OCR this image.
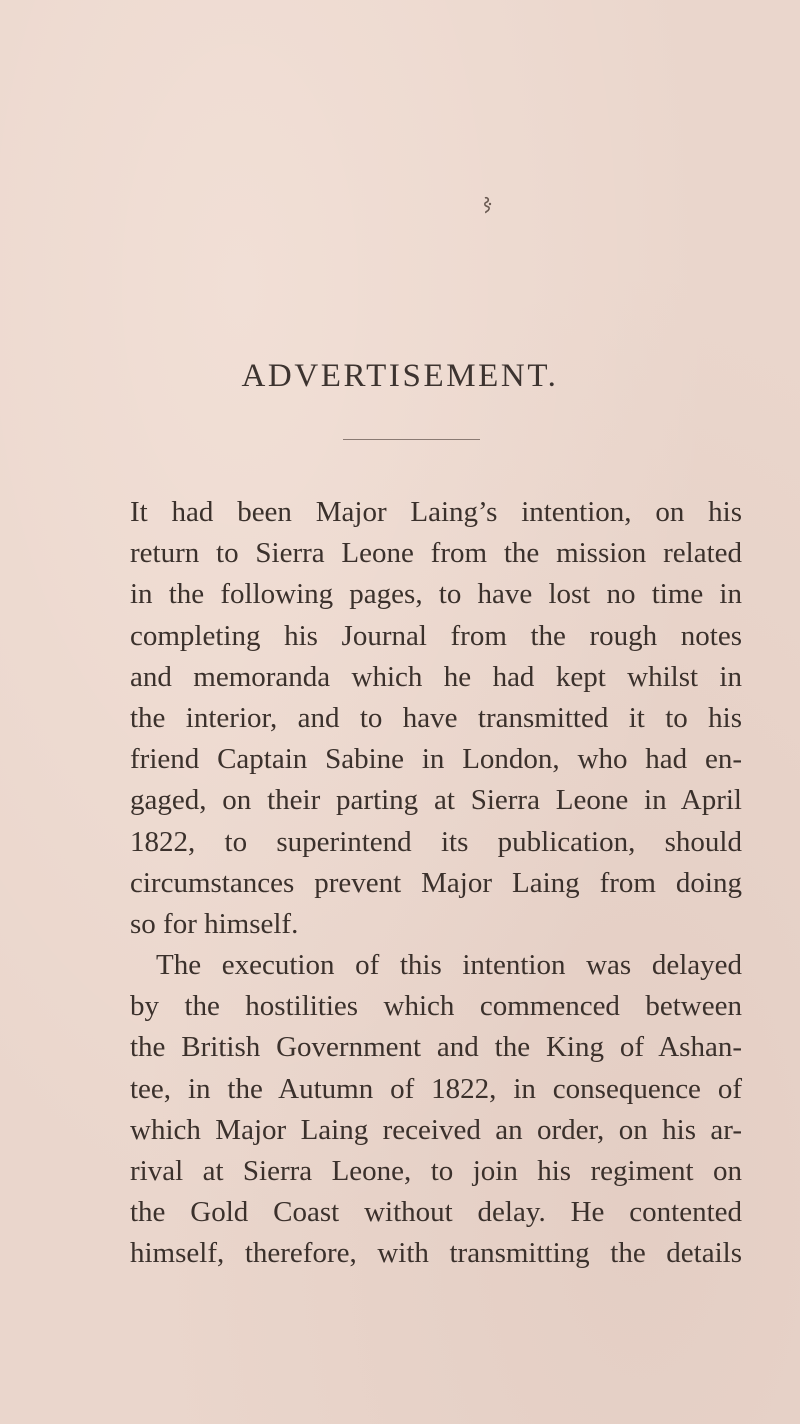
ADVERTISEMENT.
It had been Major Laing’s intention, on his
return to Sierra Leone from the mission related
in the following pages, to have lost no time in
completing his Journal from the rough notes
and memoranda which he had kept whilst in
the interior, and to have transmitted it to his
friend Captain Sabine in London, who had en-
gaged, on their parting at Sierra Leone in April
1822, to superintend its publication, should
circumstances prevent Major Laing from doing
so for himself.
The execution of this intention was delayed
by the hostilities which commenced between
the British Government and the King of Ashan-
tee, in the Autumn of 1822, in consequence of
which Major Laing received an order, on his ar-
rival at Sierra Leone, to join his regiment on
the Gold Coast without delay. He contented
himself, therefore, with transmitting the details
